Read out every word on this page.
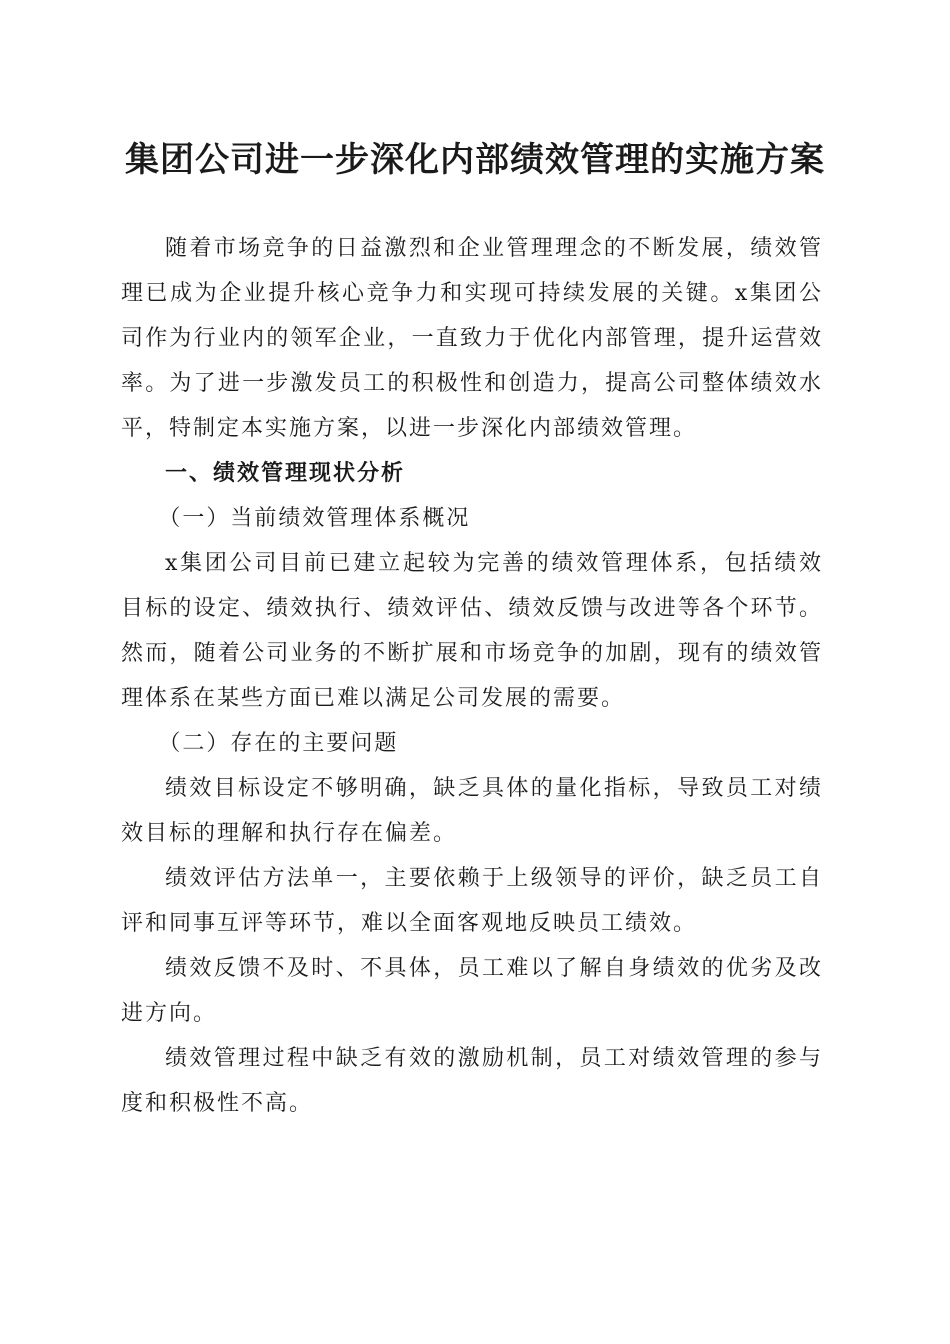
集团公司进一步深化内部绩效管理的实施方案

随着市场竞争的日益激烈和企业管理理念的不断发展，绩效管理已成为企业提升核心竞争力和实现可持续发展的关键。x集团公司作为行业内的领军企业，一直致力于优化内部管理，提升运营效率。为了进一步激发员工的积极性和创造力，提高公司整体绩效水平，特制定本实施方案，以进一步深化内部绩效管理。

一、绩效管理现状分析

（一）当前绩效管理体系概况

x集团公司目前已建立起较为完善的绩效管理体系，包括绩效目标的设定、绩效执行、绩效评估、绩效反馈与改进等各个环节。然而，随着公司业务的不断扩展和市场竞争的加剧，现有的绩效管理体系在某些方面已难以满足公司发展的需要。

（二）存在的主要问题

绩效目标设定不够明确，缺乏具体的量化指标，导致员工对绩效目标的理解和执行存在偏差。

绩效评估方法单一，主要依赖于上级领导的评价，缺乏员工自评和同事互评等环节，难以全面客观地反映员工绩效。

绩效反馈不及时、不具体，员工难以了解自身绩效的优劣及改进方向。

绩效管理过程中缺乏有效的激励机制，员工对绩效管理的参与度和积极性不高。
